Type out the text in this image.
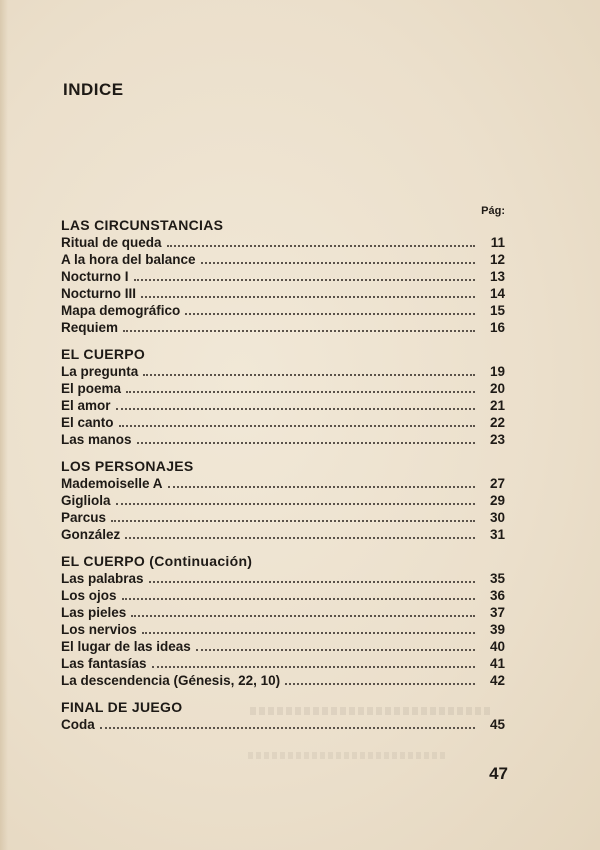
INDICE
Pág:
LAS CIRCUNSTANCIAS
Ritual de queda	11
A la hora del balance	12
Nocturno I	13
Nocturno III	14
Mapa demográfico	15
Requiem	16
EL CUERPO
La pregunta	19
El poema	20
El amor	21
El canto	22
Las manos	23
LOS PERSONAJES
Mademoiselle A	27
Gigliola	29
Parcus	30
González	31
EL CUERPO (Continuación)
Las palabras	35
Los ojos	36
Las pieles	37
Los nervios	39
El lugar de las ideas	40
Las fantasías	41
La descendencia (Génesis, 22, 10)	42
FINAL DE JUEGO
Coda	45
47
